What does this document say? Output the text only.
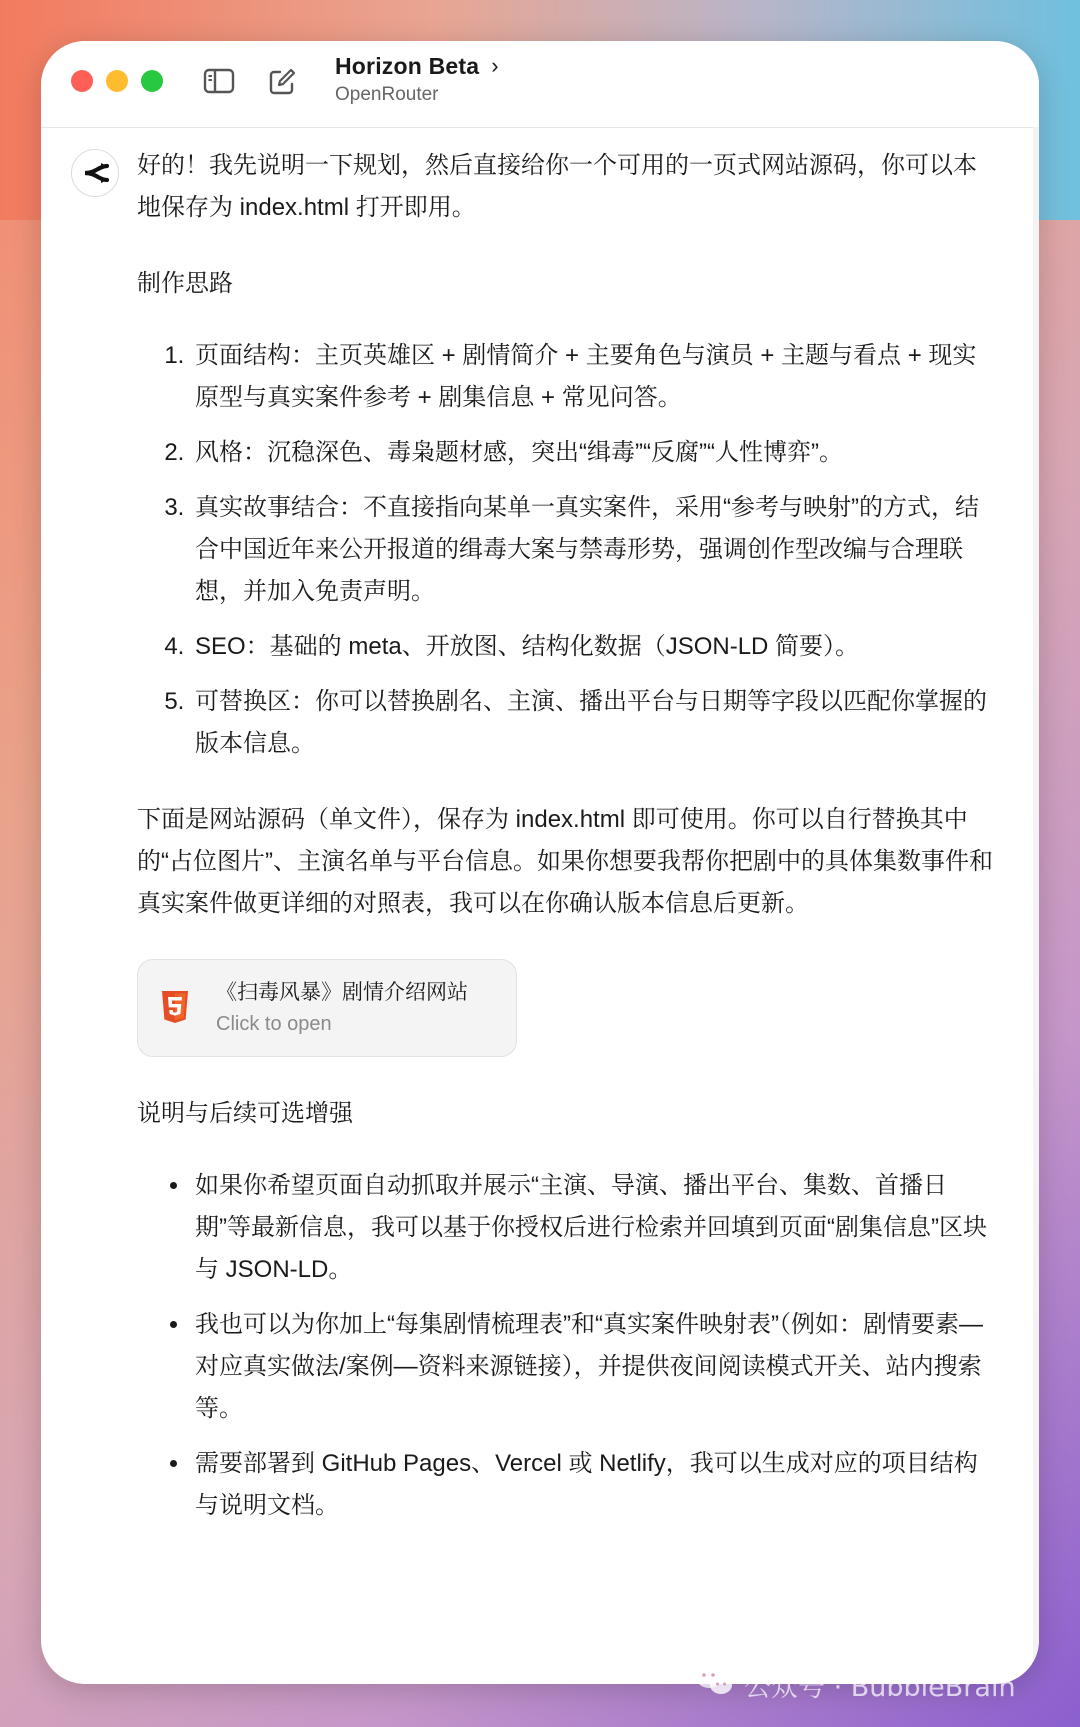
Horizon Beta ›
OpenRouter

好的！我先说明一下规划，然后直接给你一个可用的一页式网站源码，你可以本地保存为 index.html 打开即用。

制作思路

1. 页面结构：主页英雄区 + 剧情简介 + 主要角色与演员 + 主题与看点 + 现实原型与真实案件参考 + 剧集信息 + 常见问答。
2. 风格：沉稳深色、毒枭题材感，突出“缉毒”“反腐”“人性博弈”。
3. 真实故事结合：不直接指向某单一真实案件，采用“参考与映射”的方式，结合中国近年来公开报道的缉毒大案与禁毒形势，强调创作型改编与合理联想，并加入免责声明。
4. SEO：基础的 meta、开放图、结构化数据（JSON-LD 简要）。
5. 可替换区：你可以替换剧名、主演、播出平台与日期等字段以匹配你掌握的版本信息。

下面是网站源码（单文件），保存为 index.html 即可使用。你可以自行替换其中的“占位图片”、主演名单与平台信息。如果你想要我帮你把剧中的具体集数事件和真实案件做更详细的对照表，我可以在你确认版本信息后更新。

《扫毒风暴》剧情介绍网站
Click to open

说明与后续可选增强

• 如果你希望页面自动抓取并展示“主演、导演、播出平台、集数、首播日期”等最新信息，我可以基于你授权后进行检索并回填到页面“剧集信息”区块与 JSON-LD。
• 我也可以为你加上“每集剧情梳理表”和“真实案件映射表”（例如：剧情要素—对应真实做法/案例—资料来源链接），并提供夜间阅读模式开关、站内搜索等。
• 需要部署到 GitHub Pages、Vercel 或 Netlify，我可以生成对应的项目结构与说明文档。
公众号 · BubbleBrain
